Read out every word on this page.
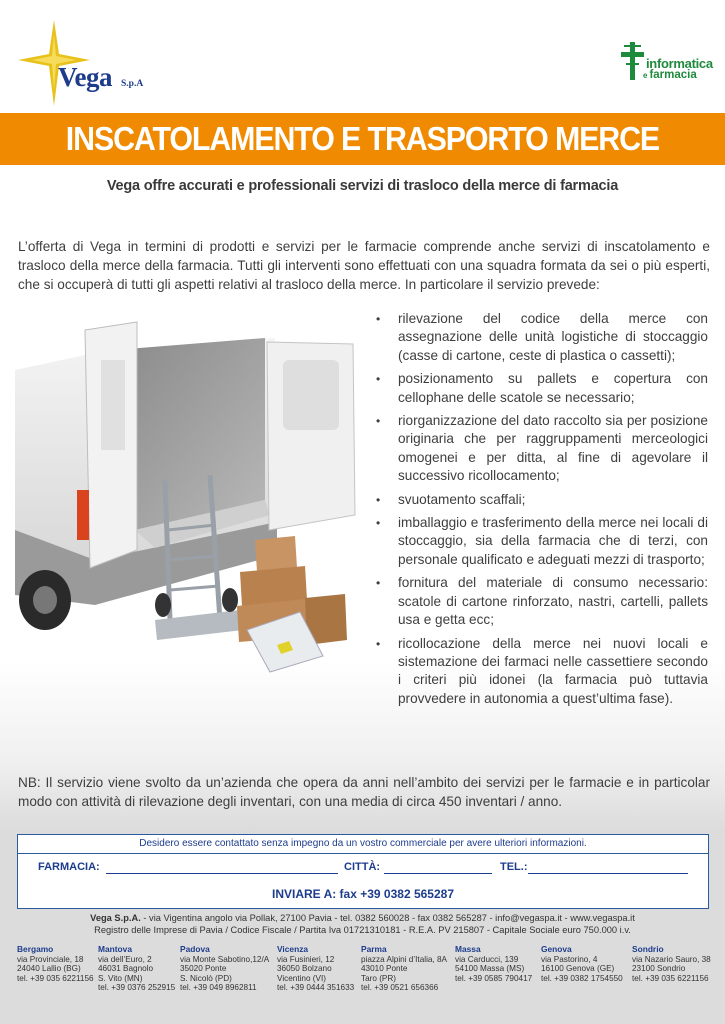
Vega S.p.A
informatica
e farmacia
INSCATOLAMENTO E TRASPORTO MERCE
Vega offre accurati e professionali servizi di trasloco della merce di farmacia

L’offerta di Vega in termini di prodotti e servizi per le farmacie comprende anche servizi di inscatolamento e trasloco della merce della farmacia. Tutti gli interventi sono effettuati con una squadra formata da sei o più esperti, che si occuperà di tutti gli aspetti relativi al trasloco della merce. In particolare il servizio prevede:

• rilevazione del codice della merce con assegnazione delle unità logistiche di stoccaggio (casse di cartone, ceste di plastica o cassetti);
• posizionamento su pallets e copertura con cellophane delle scatole se necessario;
• riorganizzazione del dato raccolto sia per posizione originaria che per raggruppamenti merceologici omogenei e per ditta, al fine di agevolare il successivo ricollocamento;
• svuotamento scaffali;
• imballaggio e trasferimento della merce nei locali di stoccaggio, sia della farmacia che di terzi, con personale qualificato e adeguati mezzi di trasporto;
• fornitura del materiale di consumo necessario: scatole di cartone rinforzato, nastri, cartelli, pallets usa e getta ecc;
• ricollocazione della merce nei nuovi locali e sistemazione dei farmaci nelle cassettiere secondo i criteri più idonei (la farmacia può tuttavia provvedere in autonomia a quest’ultima fase).

NB: Il servizio viene svolto da un’azienda che opera da anni nell’ambito dei servizi per le farmacie e in particolar modo con attività di rilevazione degli inventari, con una media di circa 450 inventari / anno.

Desidero essere contattato senza impegno da un vostro commerciale per avere ulteriori informazioni.
FARMACIA:	CITTÀ:	TEL.:
INVIARE A: fax +39 0382 565287
Vega S.p.A. - via Vigentina angolo via Pollak, 27100 Pavia - tel. 0382 560028 - fax 0382 565287 - info@vegaspa.it - www.vegaspa.it
Registro delle Imprese di Pavia / Codice Fiscale / Partita Iva 01721310181 - R.E.A. PV 215807 - Capitale Sociale euro 750.000 i.v.
Bergamo
via Provinciale, 18
24040 Lallio (BG)
tel. +39 035 6221156
Mantova
via dell’Euro, 2
46031 Bagnolo
S. Vito (MN)
tel. +39 0376 252915
Padova
via Monte Sabotino,12/A
35020 Ponte
S. Nicolò (PD)
tel. +39 049 8962811
Vicenza
via Fusinieri, 12
36050 Bolzano
Vicentino (VI)
tel. +39 0444 351633
Parma
piazza Alpini d’Italia, 8A
43010 Ponte
Taro (PR)
tel. +39 0521 656366
Massa
via Carducci, 139
54100 Massa (MS)
tel. +39 0585 790417
Genova
via Pastorino, 4
16100 Genova (GE)
tel. +39 0382 1754550
Sondrio
via Nazario Sauro, 38
23100 Sondrio
tel. +39 035 6221156
